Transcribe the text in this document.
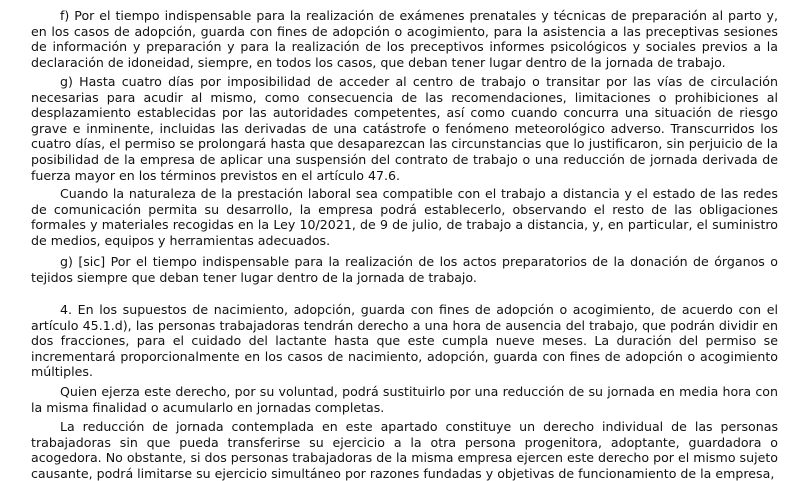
f) Por el tiempo indispensable para la realización de exámenes prenatales y técnicas de preparación al parto y, en los casos de adopción, guarda con fines de adopción o acogimiento, para la asistencia a las preceptivas sesiones de información y preparación y para la realización de los preceptivos informes psicológicos y sociales previos a la declaración de idoneidad, siempre, en todos los casos, que deban tener lugar dentro de la jornada de trabajo.

g) Hasta cuatro días por imposibilidad de acceder al centro de trabajo o transitar por las vías de circulación necesarias para acudir al mismo, como consecuencia de las recomendaciones, limitaciones o prohibiciones al desplazamiento establecidas por las autoridades competentes, así como cuando concurra una situación de riesgo grave e inminente, incluidas las derivadas de una catástrofe o fenómeno meteorológico adverso. Transcurridos los cuatro días, el permiso se prolongará hasta que desaparezcan las circunstancias que lo justificaron, sin perjuicio de la posibilidad de la empresa de aplicar una suspensión del contrato de trabajo o una reducción de jornada derivada de fuerza mayor en los términos previstos en el artículo 47.6.

Cuando la naturaleza de la prestación laboral sea compatible con el trabajo a distancia y el estado de las redes de comunicación permita su desarrollo, la empresa podrá establecerlo, observando el resto de las obligaciones formales y materiales recogidas en la Ley 10/2021, de 9 de julio, de trabajo a distancia, y, en particular, el suministro de medios, equipos y herramientas adecuados.

g) [sic] Por el tiempo indispensable para la realización de los actos preparatorios de la donación de órganos o tejidos siempre que deban tener lugar dentro de la jornada de trabajo.

4. En los supuestos de nacimiento, adopción, guarda con fines de adopción o acogimiento, de acuerdo con el artículo 45.1.d), las personas trabajadoras tendrán derecho a una hora de ausencia del trabajo, que podrán dividir en dos fracciones, para el cuidado del lactante hasta que este cumpla nueve meses. La duración del permiso se incrementará proporcionalmente en los casos de nacimiento, adopción, guarda con fines de adopción o acogimiento múltiples.

Quien ejerza este derecho, por su voluntad, podrá sustituirlo por una reducción de su jornada en media hora con la misma finalidad o acumularlo en jornadas completas.

La reducción de jornada contemplada en este apartado constituye un derecho individual de las personas trabajadoras sin que pueda transferirse su ejercicio a la otra persona progenitora, adoptante, guardadora o acogedora. No obstante, si dos personas trabajadoras de la misma empresa ejercen este derecho por el mismo sujeto causante, podrá limitarse su ejercicio simultáneo por razones fundadas y objetivas de funcionamiento de la empresa,
